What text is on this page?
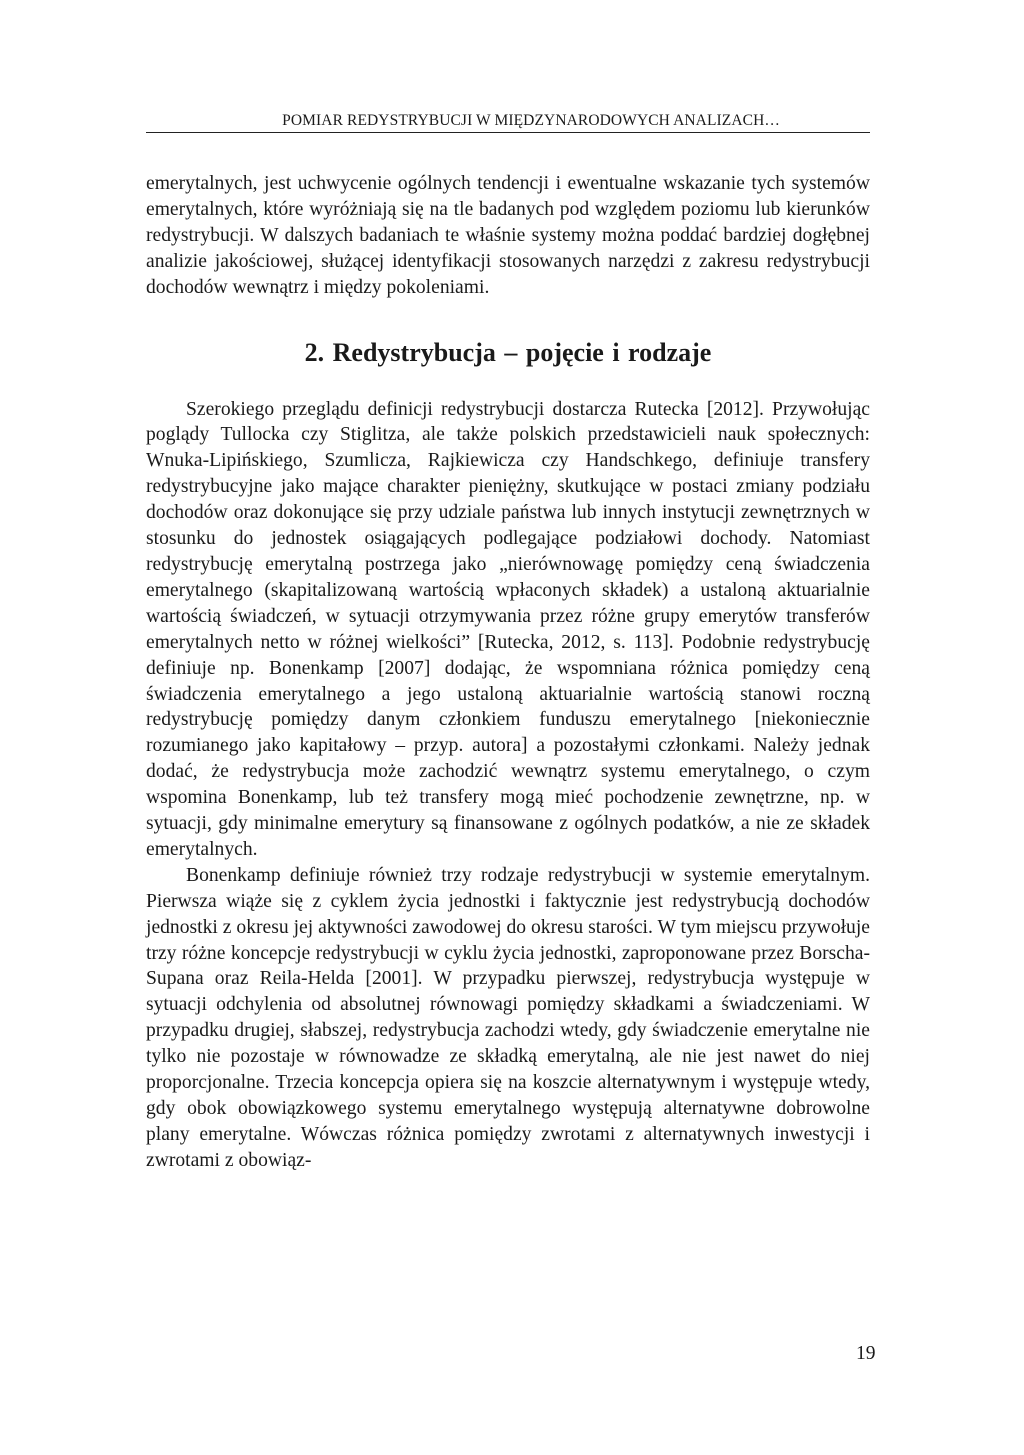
POMIAR REDYSTRYBUCJI W MIĘDZYNARODOWYCH ANALIZACH…

emerytalnych, jest uchwycenie ogólnych tendencji i ewentualne wskazanie tych systemów emerytalnych, które wyróżniają się na tle badanych pod względem poziomu lub kierunków redystrybucji. W dalszych badaniach te właśnie systemy można poddać bardziej dogłębnej analizie jakościowej, służącej identyfikacji stosowanych narzędzi z zakresu redystrybucji dochodów wewnątrz i między pokoleniami.

2. Redystrybucja – pojęcie i rodzaje

Szerokiego przeglądu definicji redystrybucji dostarcza Rutecka [2012]. Przywołując poglądy Tullocka czy Stiglitza, ale także polskich przedstawicieli nauk społecznych: Wnuka-Lipińskiego, Szumlicza, Rajkiewicza czy Handschkego, definiuje transfery redystrybucyjne jako mające charakter pieniężny, skutkujące w postaci zmiany podziału dochodów oraz dokonujące się przy udziale państwa lub innych instytucji zewnętrznych w stosunku do jednostek osiągających podlegające podziałowi dochody. Natomiast redystrybucję emerytalną postrzega jako „nierównowagę pomiędzy ceną świadczenia emerytalnego (skapitalizowaną wartością wpłaconych składek) a ustaloną aktuarialnie wartością świadczeń, w sytuacji otrzymywania przez różne grupy emerytów transferów emerytalnych netto w różnej wielkości” [Rutecka, 2012, s. 113]. Podobnie redystrybucję definiuje np. Bonenkamp [2007] dodając, że wspomniana różnica pomiędzy ceną świadczenia emerytalnego a jego ustaloną aktuarialnie wartością stanowi roczną redystrybucję pomiędzy danym członkiem funduszu emerytalnego [niekoniecznie rozumianego jako kapitałowy – przyp. autora] a pozostałymi członkami. Należy jednak dodać, że redystrybucja może zachodzić wewnątrz systemu emerytalnego, o czym wspomina Bonenkamp, lub też transfery mogą mieć pochodzenie zewnętrzne, np. w sytuacji, gdy minimalne emerytury są finansowane z ogólnych podatków, a nie ze składek emerytalnych.

Bonenkamp definiuje również trzy rodzaje redystrybucji w systemie emerytalnym. Pierwsza wiąże się z cyklem życia jednostki i faktycznie jest redystrybucją dochodów jednostki z okresu jej aktywności zawodowej do okresu starości. W tym miejscu przywołuje trzy różne koncepcje redystrybucji w cyklu życia jednostki, zaproponowane przez Borscha-Supana oraz Reila-Helda [2001]. W przypadku pierwszej, redystrybucja występuje w sytuacji odchylenia od absolutnej równowagi pomiędzy składkami a świadczeniami. W przypadku drugiej, słabszej, redystrybucja zachodzi wtedy, gdy świadczenie emerytalne nie tylko nie pozostaje w równowadze ze składką emerytalną, ale nie jest nawet do niej proporcjonalne. Trzecia koncepcja opiera się na koszcie alternatywnym i występuje wtedy, gdy obok obowiązkowego systemu emerytalnego występują alternatywne dobrowolne plany emerytalne. Wówczas różnica pomiędzy zwrotami z alternatywnych inwestycji i zwrotami z obowiąz-

19
